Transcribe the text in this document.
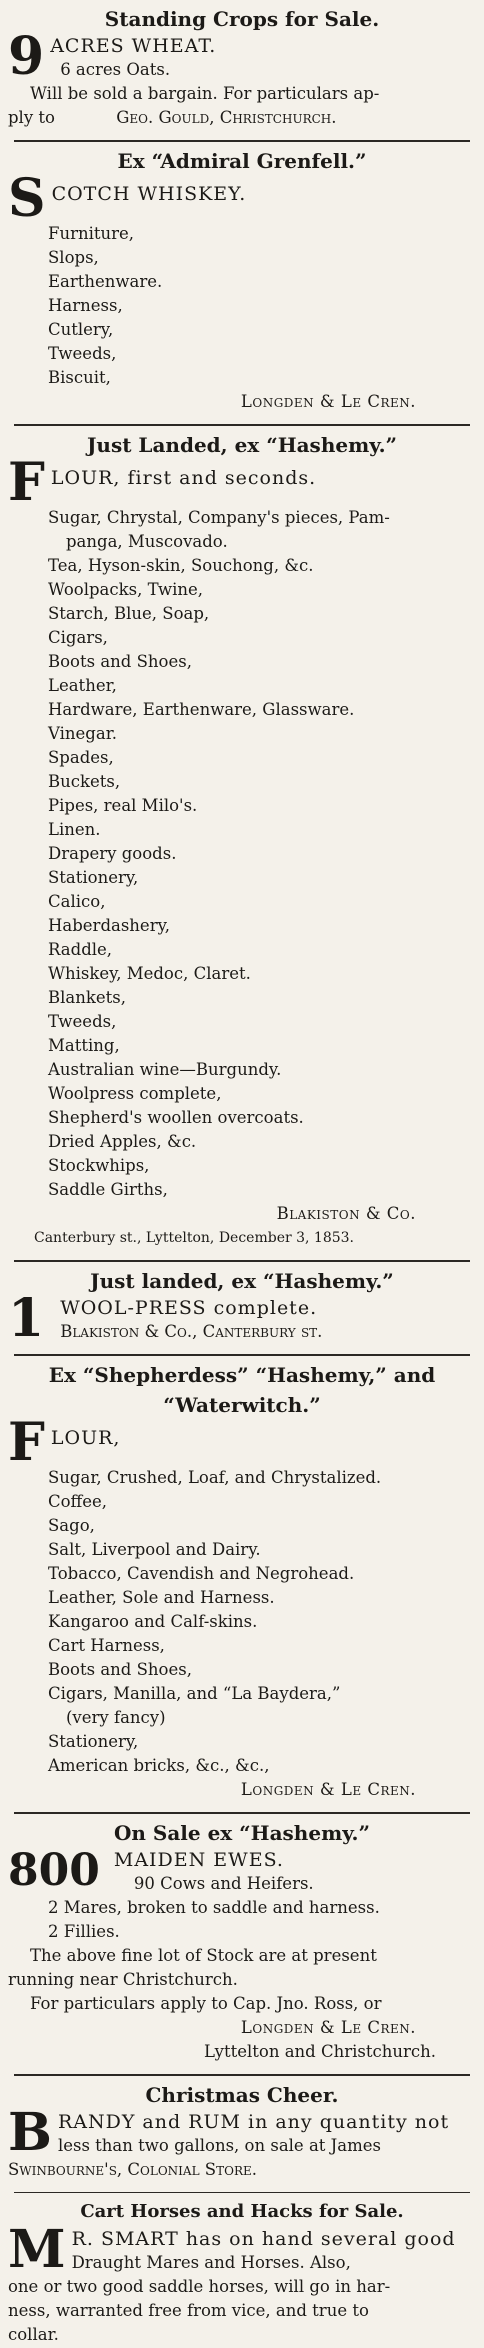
Standing Crops for Sale.
9 ACRES WHEAT.
6 acres Oats.
Will be sold a bargain. For particulars ap-
ply to	Geo. Gould, Christchurch.
Ex “Admiral Grenfell.”
S COTCH WHISKEY.
Furniture,
Slops,
Earthenware.
Harness,
Cutlery,
Tweeds,
Biscuit,
Longden & Le Cren.
Just Landed, ex “Hashemy.”
F LOUR, first and seconds.
Sugar, Chrystal, Company's pieces, Pam-
panga, Muscovado.
Tea, Hyson-skin, Souchong, &c.
Woolpacks, Twine,
Starch, Blue, Soap,
Cigars,
Boots and Shoes,
Leather,
Hardware, Earthenware, Glassware.
Vinegar.
Spades,
Buckets,
Pipes, real Milo's.
Linen.
Drapery goods.
Stationery,
Calico,
Haberdashery,
Raddle,
Whiskey, Medoc, Claret.
Blankets,
Tweeds,
Matting,
Australian wine—Burgundy.
Woolpress complete,
Shepherd's woollen overcoats.
Dried Apples, &c.
Stockwhips,
Saddle Girths,
Blakiston & Co.
Canterbury st., Lyttelton, December 3, 1853.
Just landed, ex “Hashemy.”
1 WOOL-PRESS complete.
Blakiston & Co., Canterbury st.
Ex “Shepherdess” “Hashemy,” and
“Waterwitch.”
F LOUR,
Sugar, Crushed, Loaf, and Chrystalized.
Coffee,
Sago,
Salt, Liverpool and Dairy.
Tobacco, Cavendish and Negrohead.
Leather, Sole and Harness.
Kangaroo and Calf-skins.
Cart Harness,
Boots and Shoes,
Cigars, Manilla, and “La Baydera,”
(very fancy)
Stationery,
American bricks, &c., &c.,
Longden & Le Cren.
On Sale ex “Hashemy.”
800 MAIDEN EWES.
90 Cows and Heifers.
2 Mares, broken to saddle and harness.
2 Fillies.
The above fine lot of Stock are at present
running near Christchurch.
For particulars apply to Cap. Jno. Ross, or
Longden & Le Cren.
Lyttelton and Christchurch.
Christmas Cheer.
B RANDY and RUM in any quantity not
less than two gallons, on sale at James
Swinbourne's, Colonial Store.
Cart Horses and Hacks for Sale.
M R. SMART has on hand several good
Draught Mares and Horses. Also,
one or two good saddle horses, will go in har-
ness, warranted free from vice, and true to
collar.
